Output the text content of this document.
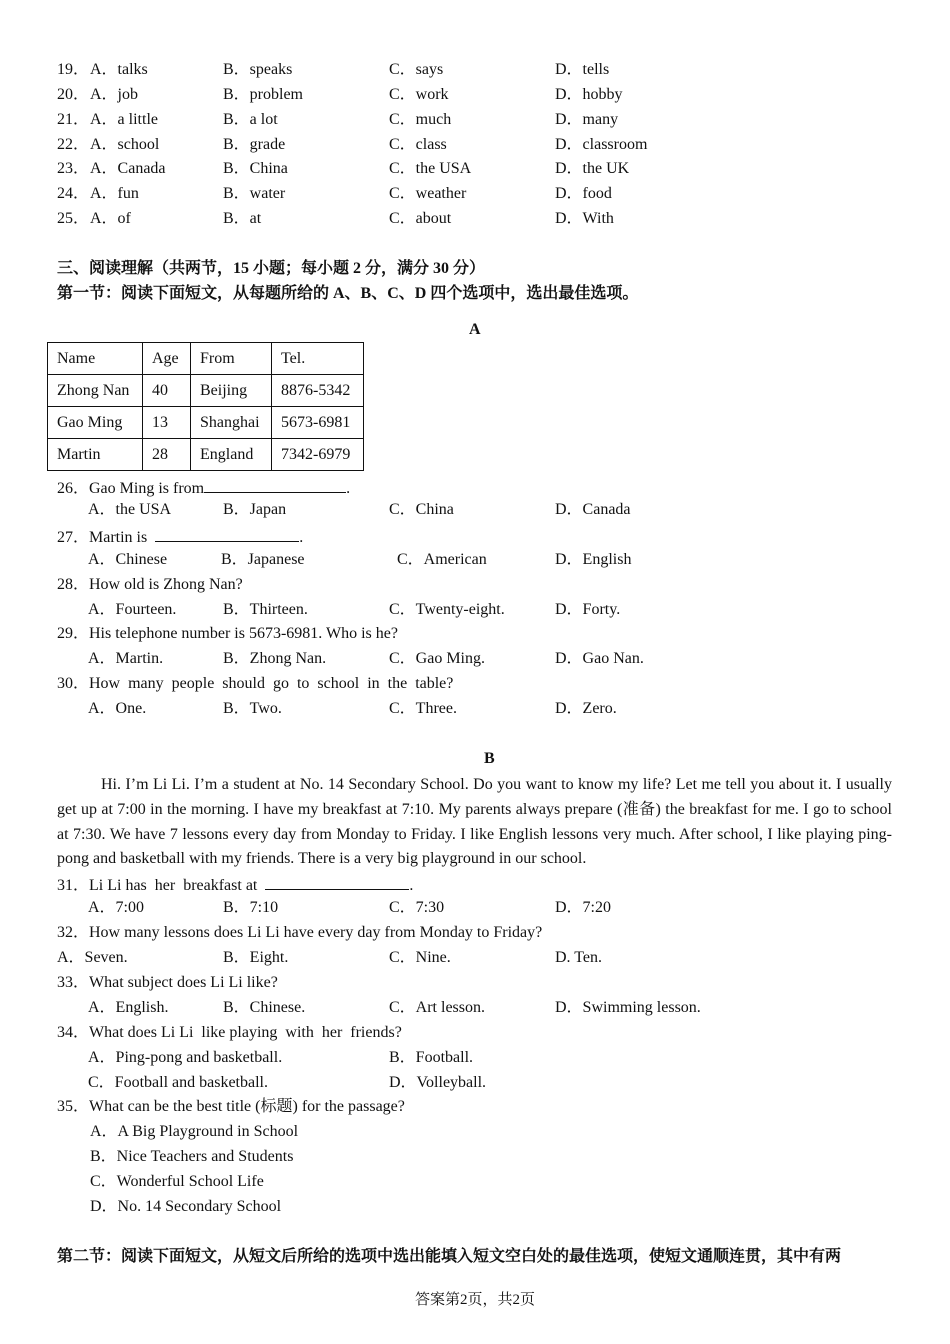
19． A．talks	B．speaks	C．says	D．tells
20． A．job	B．problem	C．work	D．hobby
21． A．a little	B．a lot	C．much	D．many
22． A．school	B．grade	C．class	D．classroom
23． A．Canada	B．China	C．the USA	D．the UK
24． A．fun	B．water	C．weather	D．food
25． A．of	B．at	C．about	D．With
三、阅读理解（共两节，15 小题；每小题 2 分，满分 30 分）
第一节：阅读下面短文，从每题所给的 A、B、C、D 四个选项中，选出最佳选项。
A
Name	Age	From	Tel.
Zhong Nan	40	Beijing	8876-5342
Gao Ming	13	Shanghai	5673-6981
Martin	28	England	7342-6979
26．Gao Ming is from	.
A．the USA	B．Japan	C．China	D．Canada
27．Martin is	.
A．Chinese	B．Japanese	C．American	D．English
28．How old is Zhong Nan?
A．Fourteen.	B．Thirteen.	C．Twenty-eight.	D．Forty.
29．His telephone number is 5673-6981. Who is he?
A．Martin.	B．Zhong Nan.	C．Gao Ming.	D．Gao Nan.
30．How  many  people  should  go  to  school  in  the  table?
A．One.	B．Two.	C．Three.	D．Zero.
B
Hi. I’m Li Li. I’m a student at No. 14 Secondary School. Do you want to know my life? Let me tell you about it. I usually get up at 7:00 in the morning. I have my breakfast at 7:10. My parents always prepare (准备) the breakfast for me. I go to school at 7:30. We have 7 lessons every day from Monday to Friday. I like English lessons very much. After school, I like playing ping-pong and basketball with my friends. There is a very big playground in our school.
31．Li Li has  her  breakfast at	.
A．7:00	B．7:10	C．7:30	D．7:20
32．How many lessons does Li Li have every day from Monday to Friday?
A．Seven.	B．Eight.	C．Nine.	D. Ten.
33．What subject does Li Li like?
A．English.	B．Chinese.	C．Art lesson.	D．Swimming lesson.
34．What does Li Li  like playing  with  her  friends?
A．Ping-pong and basketball.	B．Football.
C．Football and basketball.	D．Volleyball.
35．What can be the best title (标题) for the passage?
A．A Big Playground in School
B．Nice Teachers and Students
C．Wonderful School Life
D．No. 14 Secondary School
第二节：阅读下面短文，从短文后所给的选项中选出能填入短文空白处的最佳选项，使短文通顺连贯，其中有两
答案第2页，共2页
